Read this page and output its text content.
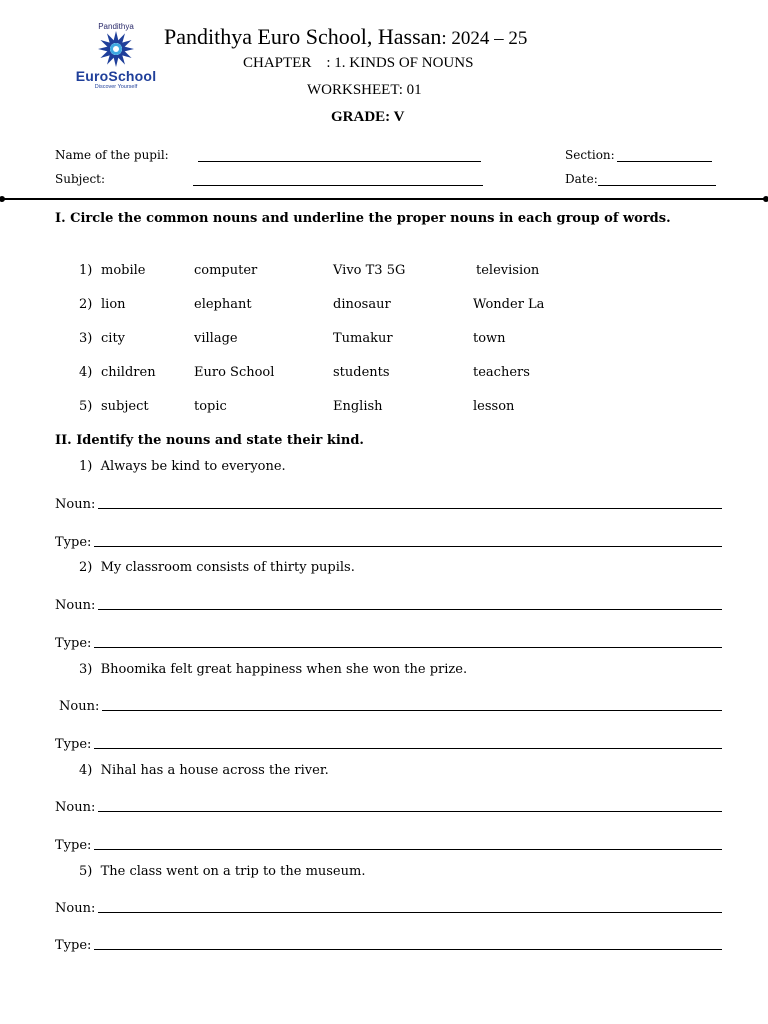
Pandithya
EuroSchool
Discover Yourself
Pandithya Euro School, Hassan: 2024 – 25
CHAPTER    : 1. KINDS OF NOUNS
WORKSHEET: 01
GRADE: V
Name of the pupil:	Section:
Subject:	Date:
I. Circle the common nouns and underline the proper nouns in each group of words.
1) mobile	computer	Vivo T3 5G	television
2) lion	elephant	dinosaur	Wonder La
3) city	village	Tumakur	town
4) children	Euro School	students	teachers
5) subject	topic	English	lesson
II. Identify the nouns and state their kind.
1) Always be kind to everyone.
Noun:
Type:
2) My classroom consists of thirty pupils.
Noun:
Type:
3) Bhoomika felt great happiness when she won the prize.
Noun:
Type:
4) Nihal has a house across the river.
Noun:
Type:
5) The class went on a trip to the museum.
Noun:
Type:
